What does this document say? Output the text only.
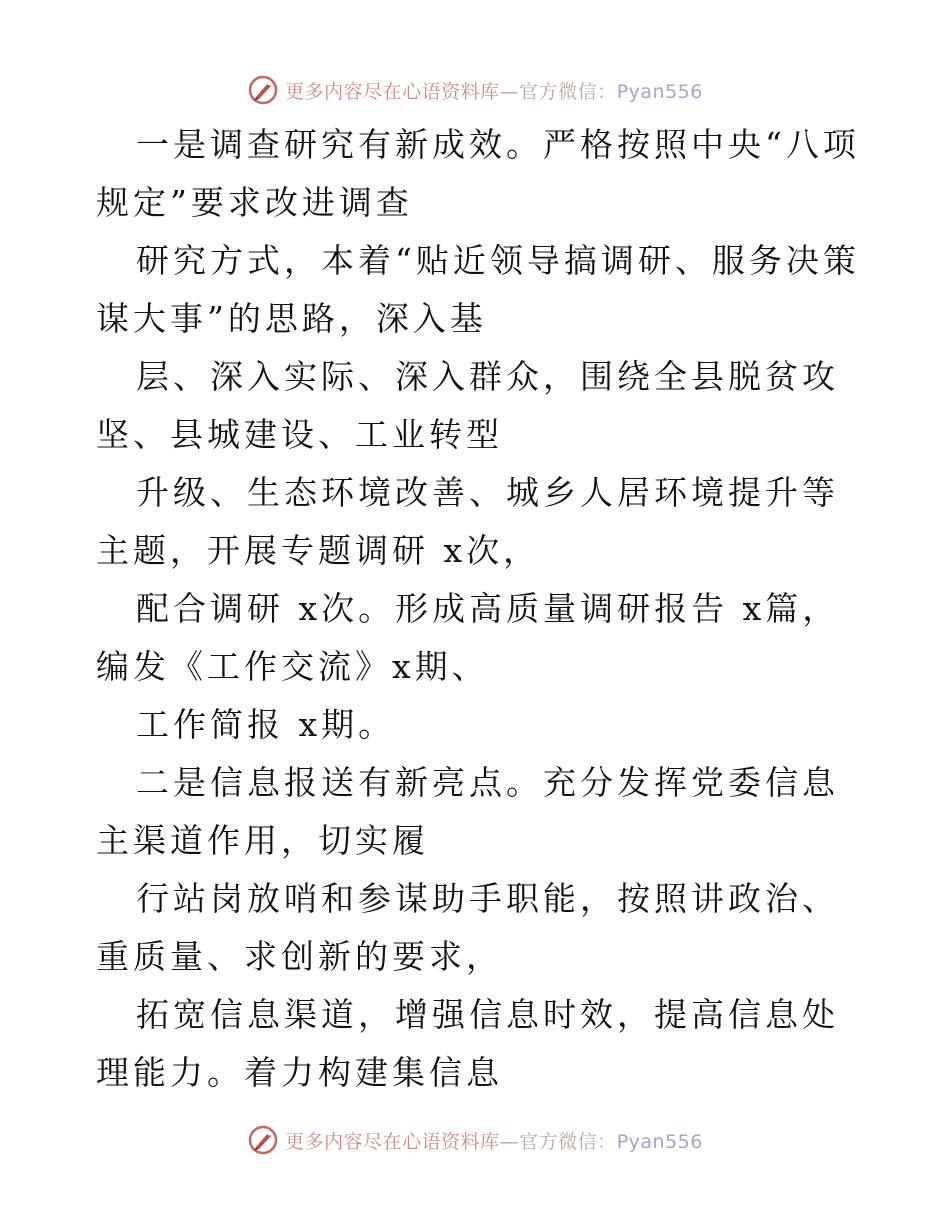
更多内容尽在心语资料库—官方微信：Pyan556

一是调查研究有新成效。严格按照中央“八项规定”要求改进调查

研究方式，本着“贴近领导搞调研、服务决策谋大事”的思路，深入基

层、深入实际、深入群众，围绕全县脱贫攻坚、县城建设、工业转型

升级、生态环境改善、城乡人居环境提升等主题，开展专题调研 x次，

配合调研 x次。形成高质量调研报告 x篇，编发《工作交流》x期、

工作简报 x期。

二是信息报送有新亮点。充分发挥党委信息主渠道作用，切实履

行站岗放哨和参谋助手职能，按照讲政治、重质量、求创新的要求，

拓宽信息渠道，增强信息时效，提高信息处理能力。着力构建集信息

更多内容尽在心语资料库—官方微信：Pyan556
